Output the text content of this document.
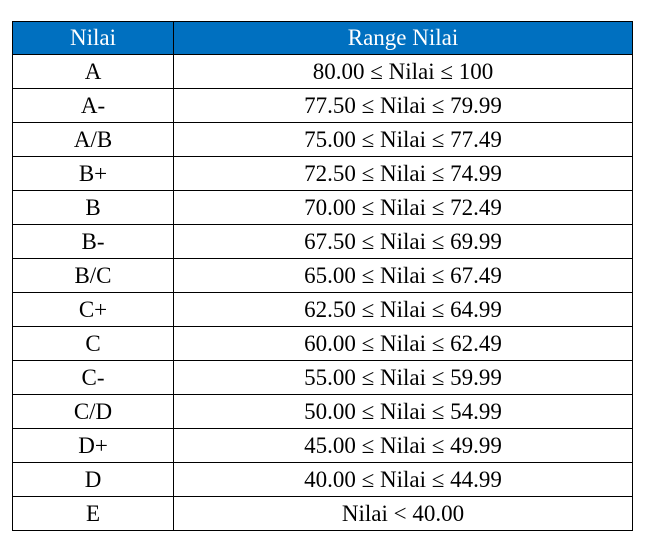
Nilai	Range Nilai
A	80.00 ≤ Nilai ≤ 100
A-	77.50 ≤ Nilai ≤ 79.99
A/B	75.00 ≤ Nilai ≤ 77.49
B+	72.50 ≤ Nilai ≤ 74.99
B	70.00 ≤ Nilai ≤ 72.49
B-	67.50 ≤ Nilai ≤ 69.99
B/C	65.00 ≤ Nilai ≤ 67.49
C+	62.50 ≤ Nilai ≤ 64.99
C	60.00 ≤ Nilai ≤ 62.49
C-	55.00 ≤ Nilai ≤ 59.99
C/D	50.00 ≤ Nilai ≤ 54.99
D+	45.00 ≤ Nilai ≤ 49.99
D	40.00 ≤ Nilai ≤ 44.99
E	Nilai < 40.00
